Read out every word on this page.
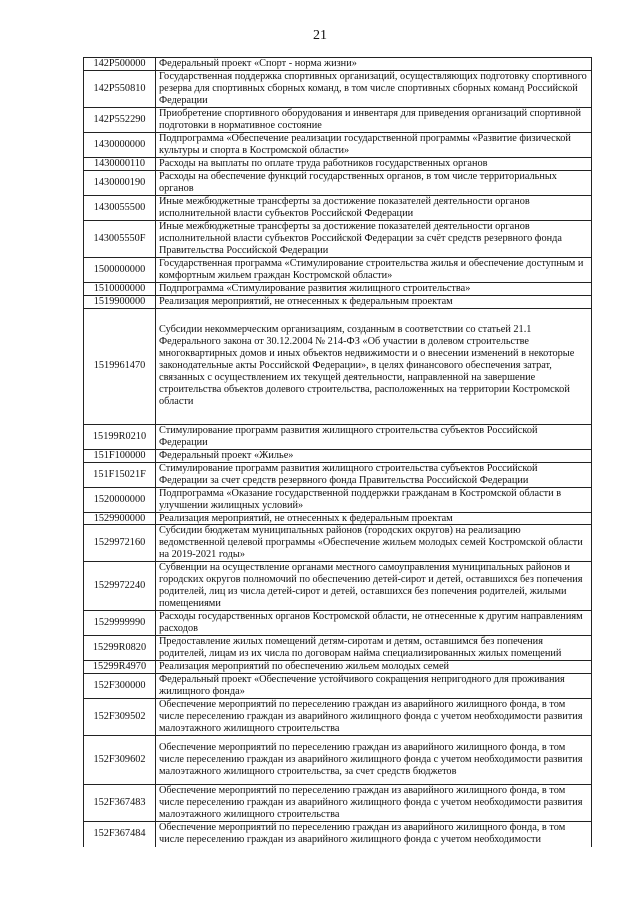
21
142P500000	Федеральный проект «Спорт - норма жизни»
142P550810	Государственная поддержка спортивных организаций, осуществляющих подготовку спортивного резерва для спортивных сборных команд, в том числе спортивных сборных команд Российской Федерации
142P552290	Приобретение спортивного оборудования и инвентаря для приведения организаций спортивной подготовки в нормативное состояние
1430000000	Подпрограмма «Обеспечение реализации государственной программы «Развитие физической культуры и спорта в Костромской области»
1430000110	Расходы на выплаты по оплате труда работников государственных органов
1430000190	Расходы на обеспечение функций государственных органов, в том числе территориальных органов
1430055500	Иные межбюджетные трансферты за достижение показателей деятельности органов исполнительной власти субъектов Российской Федерации
143005550F	Иные межбюджетные трансферты за достижение показателей деятельности органов исполнительной власти субъектов Российской Федерации за счёт средств резервного фонда Правительства Российской Федерации
1500000000	Государственная программа «Стимулирование строительства жилья и обеспечение доступным и комфортным жильем граждан Костромской области»
1510000000	Подпрограмма «Стимулирование развития жилищного строительства»
1519900000	Реализация мероприятий, не отнесенных к федеральным проектам
1519961470	Субсидии некоммерческим организациям, созданным в соответствии со статьей 21.1 Федерального закона от 30.12.2004 № 214-ФЗ «Об участии в долевом строительстве многоквартирных домов и иных объектов недвижимости и о внесении изменений в некоторые законодательные акты Российской Федерации», в целях финансового обеспечения затрат, связанных с осуществлением их текущей деятельности, направленной на завершение строительства объектов долевого строительства, расположенных на территории Костромской области
15199R0210	Стимулирование программ развития жилищного строительства субъектов Российской Федерации
151F100000	Федеральный проект «Жилье»
151F15021F	Стимулирование программ развития жилищного строительства субъектов Российской Федерации за счет средств резервного фонда Правительства Российской Федерации
1520000000	Подпрограмма «Оказание государственной поддержки гражданам в Костромской области в улучшении жилищных условий»
1529900000	Реализация мероприятий, не отнесенных к федеральным проектам
1529972160	Субсидии бюджетам муниципальных районов (городских округов) на реализацию ведомственной целевой программы «Обеспечение жильем молодых семей Костромской области на 2019-2021 годы»
1529972240	Субвенции на осуществление органами местного самоуправления муниципальных районов и городских округов полномочий по обеспечению детей-сирот и детей, оставшихся без попечения родителей, лиц из числа детей-сирот и детей, оставшихся без попечения родителей, жилыми помещениями
1529999990	Расходы государственных органов Костромской области, не отнесенные к другим направлениям расходов
15299R0820	Предоставление жилых помещений детям-сиротам и детям, оставшимся без попечения родителей, лицам из их числа по договорам найма специализированных жилых помещений
15299R4970	Реализация мероприятий по обеспечению жильем молодых семей
152F300000	Федеральный проект «Обеспечение устойчивого сокращения непригодного для проживания жилищного фонда»
152F309502	Обеспечение мероприятий по переселению граждан из аварийного жилищного фонда, в том числе переселению граждан из аварийного жилищного фонда с учетом необходимости развития малоэтажного жилищного строительства
152F309602	Обеспечение мероприятий по переселению граждан из аварийного жилищного фонда, в том числе переселению граждан из аварийного жилищного фонда с учетом необходимости развития малоэтажного жилищного строительства, за счет средств бюджетов
152F367483	Обеспечение мероприятий по переселению граждан из аварийного жилищного фонда, в том числе переселению граждан из аварийного жилищного фонда с учетом необходимости развития малоэтажного жилищного строительства
152F367484	Обеспечение мероприятий по переселению граждан из аварийного жилищного фонда, в том числе переселению граждан из аварийного жилищного фонда с учетом необходимости
